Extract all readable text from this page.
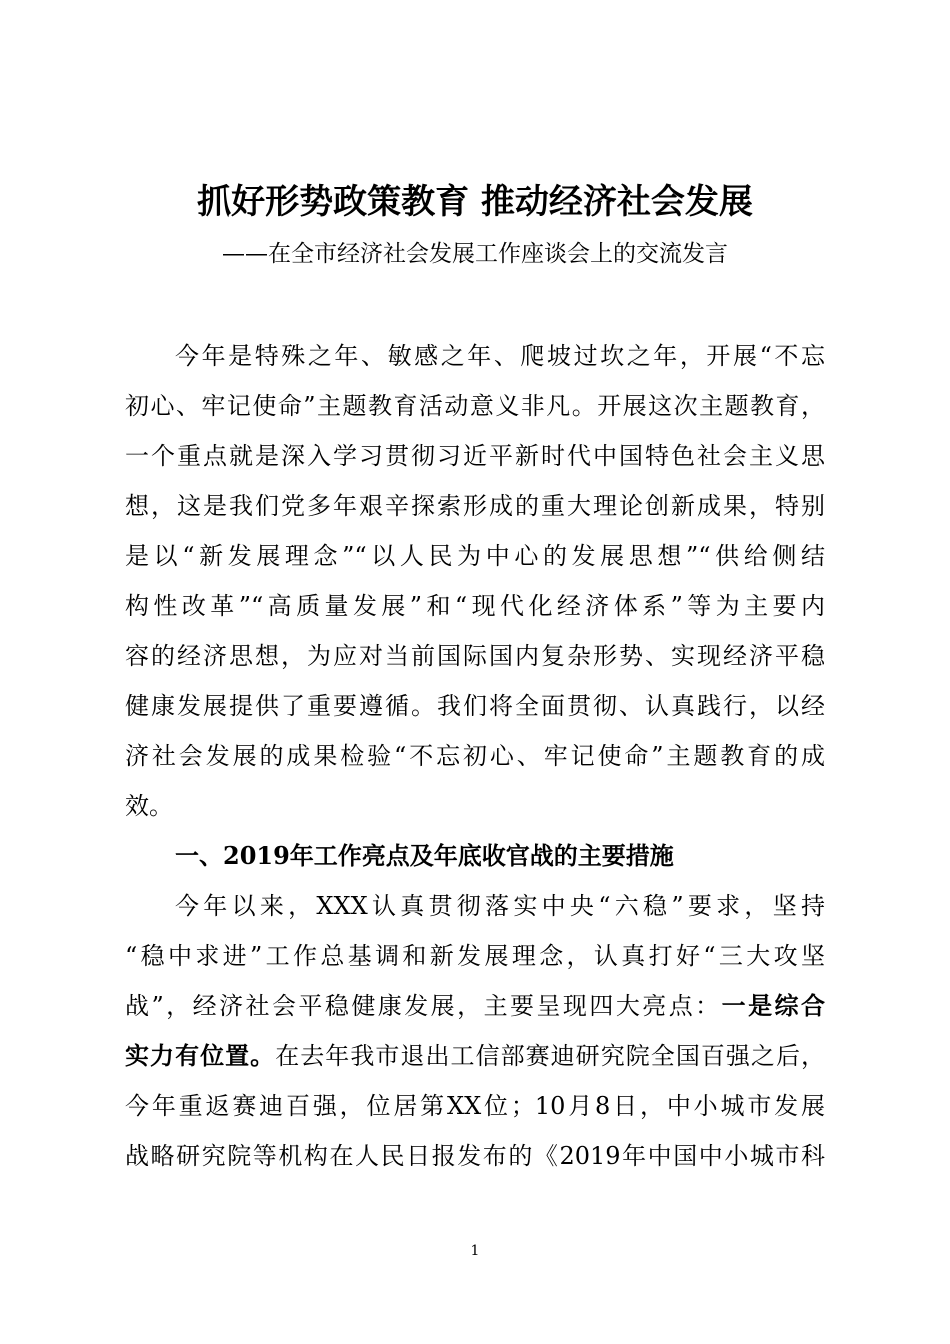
抓好形势政策教育 推动经济社会发展

——在全市经济社会发展工作座谈会上的交流发言

今年是特殊之年、敏感之年、爬坡过坎之年，开展“不忘
初心、牢记使命”主题教育活动意义非凡。开展这次主题教育，
一个重点就是深入学习贯彻习近平新时代中国特色社会主义思
想，这是我们党多年艰辛探索形成的重大理论创新成果，特别
是以“新发展理念”“以人民为中心的发展思想”“供给侧结
构性改革”“高质量发展”和“现代化经济体系”等为主要内
容的经济思想，为应对当前国际国内复杂形势、实现经济平稳
健康发展提供了重要遵循。我们将全面贯彻、认真践行，以经
济社会发展的成果检验“不忘初心、牢记使命”主题教育的成
效。
一、2019年工作亮点及年底收官战的主要措施
今年以来，XXX认真贯彻落实中央“六稳”要求，坚持
“稳中求进”工作总基调和新发展理念，认真打好“三大攻坚
战”，经济社会平稳健康发展，主要呈现四大亮点：一是综合
实力有位置。在去年我市退出工信部赛迪研究院全国百强之后，
今年重返赛迪百强，位居第XX位；10月8日，中小城市发展
战略研究院等机构在人民日报发布的《2019年中国中小城市科
1
